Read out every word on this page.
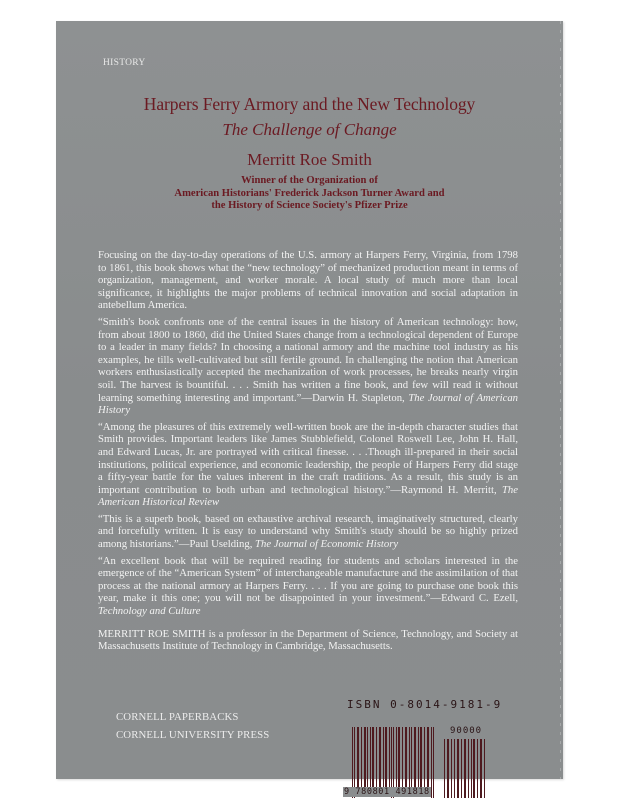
HISTORY
Harpers Ferry Armory and the New Technology
The Challenge of Change
Merritt Roe Smith
Winner of the Organization of
American Historians' Frederick Jackson Turner Award and
the History of Science Society's Pfizer Prize

Focusing on the day-to-day operations of the U.S. armory at Harpers Ferry, Virginia, from 1798 to 1861, this book shows what the “new technology” of mechanized production meant in terms of organization, management, and worker morale. A local study of much more than local significance, it highlights the major problems of technical innovation and social adaptation in antebellum America.

“Smith's book confronts one of the central issues in the history of American technology: how, from about 1800 to 1860, did the United States change from a technological dependent of Europe to a leader in many fields? In choosing a national armory and the machine tool industry as his examples, he tills well-cultivated but still fertile ground. In challenging the notion that American workers enthusiastically accepted the mechanization of work processes, he breaks nearly virgin soil. The harvest is bountiful. . . . Smith has written a fine book, and few will read it without learning something interesting and important.”—Darwin H. Stapleton, The Journal of American History

“Among the pleasures of this extremely well-written book are the in-depth character studies that Smith provides. Important leaders like James Stubblefield, Colonel Roswell Lee, John H. Hall, and Edward Lucas, Jr. are portrayed with critical finesse. . . .Though ill-prepared in their social institutions, political experience, and economic leadership, the people of Harpers Ferry did stage a fifty-year battle for the values inherent in the craft traditions. As a result, this study is an important contribution to both urban and technological history.”—Raymond H. Merritt, The American Historical Review

“This is a superb book, based on exhaustive archival research, imaginatively structured, clearly and forcefully written. It is easy to understand why Smith's study should be so highly prized among historians.”—Paul Uselding, The Journal of Economic History

“An excellent book that will be required reading for students and scholars interested in the emergence of the “American System” of interchangeable manufacture and the assimilation of that process at the national armory at Harpers Ferry. . . . If you are going to purchase one book this year, make it this one; you will not be disappointed in your investment.”—Edward C. Ezell, Technology and Culture

MERRITT ROE SMITH is a professor in the Department of Science, Technology, and Society at Massachusetts Institute of Technology in Cambridge, Massachusetts.

CORNELL PAPERBACKS
CORNELL UNIVERSITY PRESS
ISBN 0-8014-9181-9
9 780801 491818
90000
